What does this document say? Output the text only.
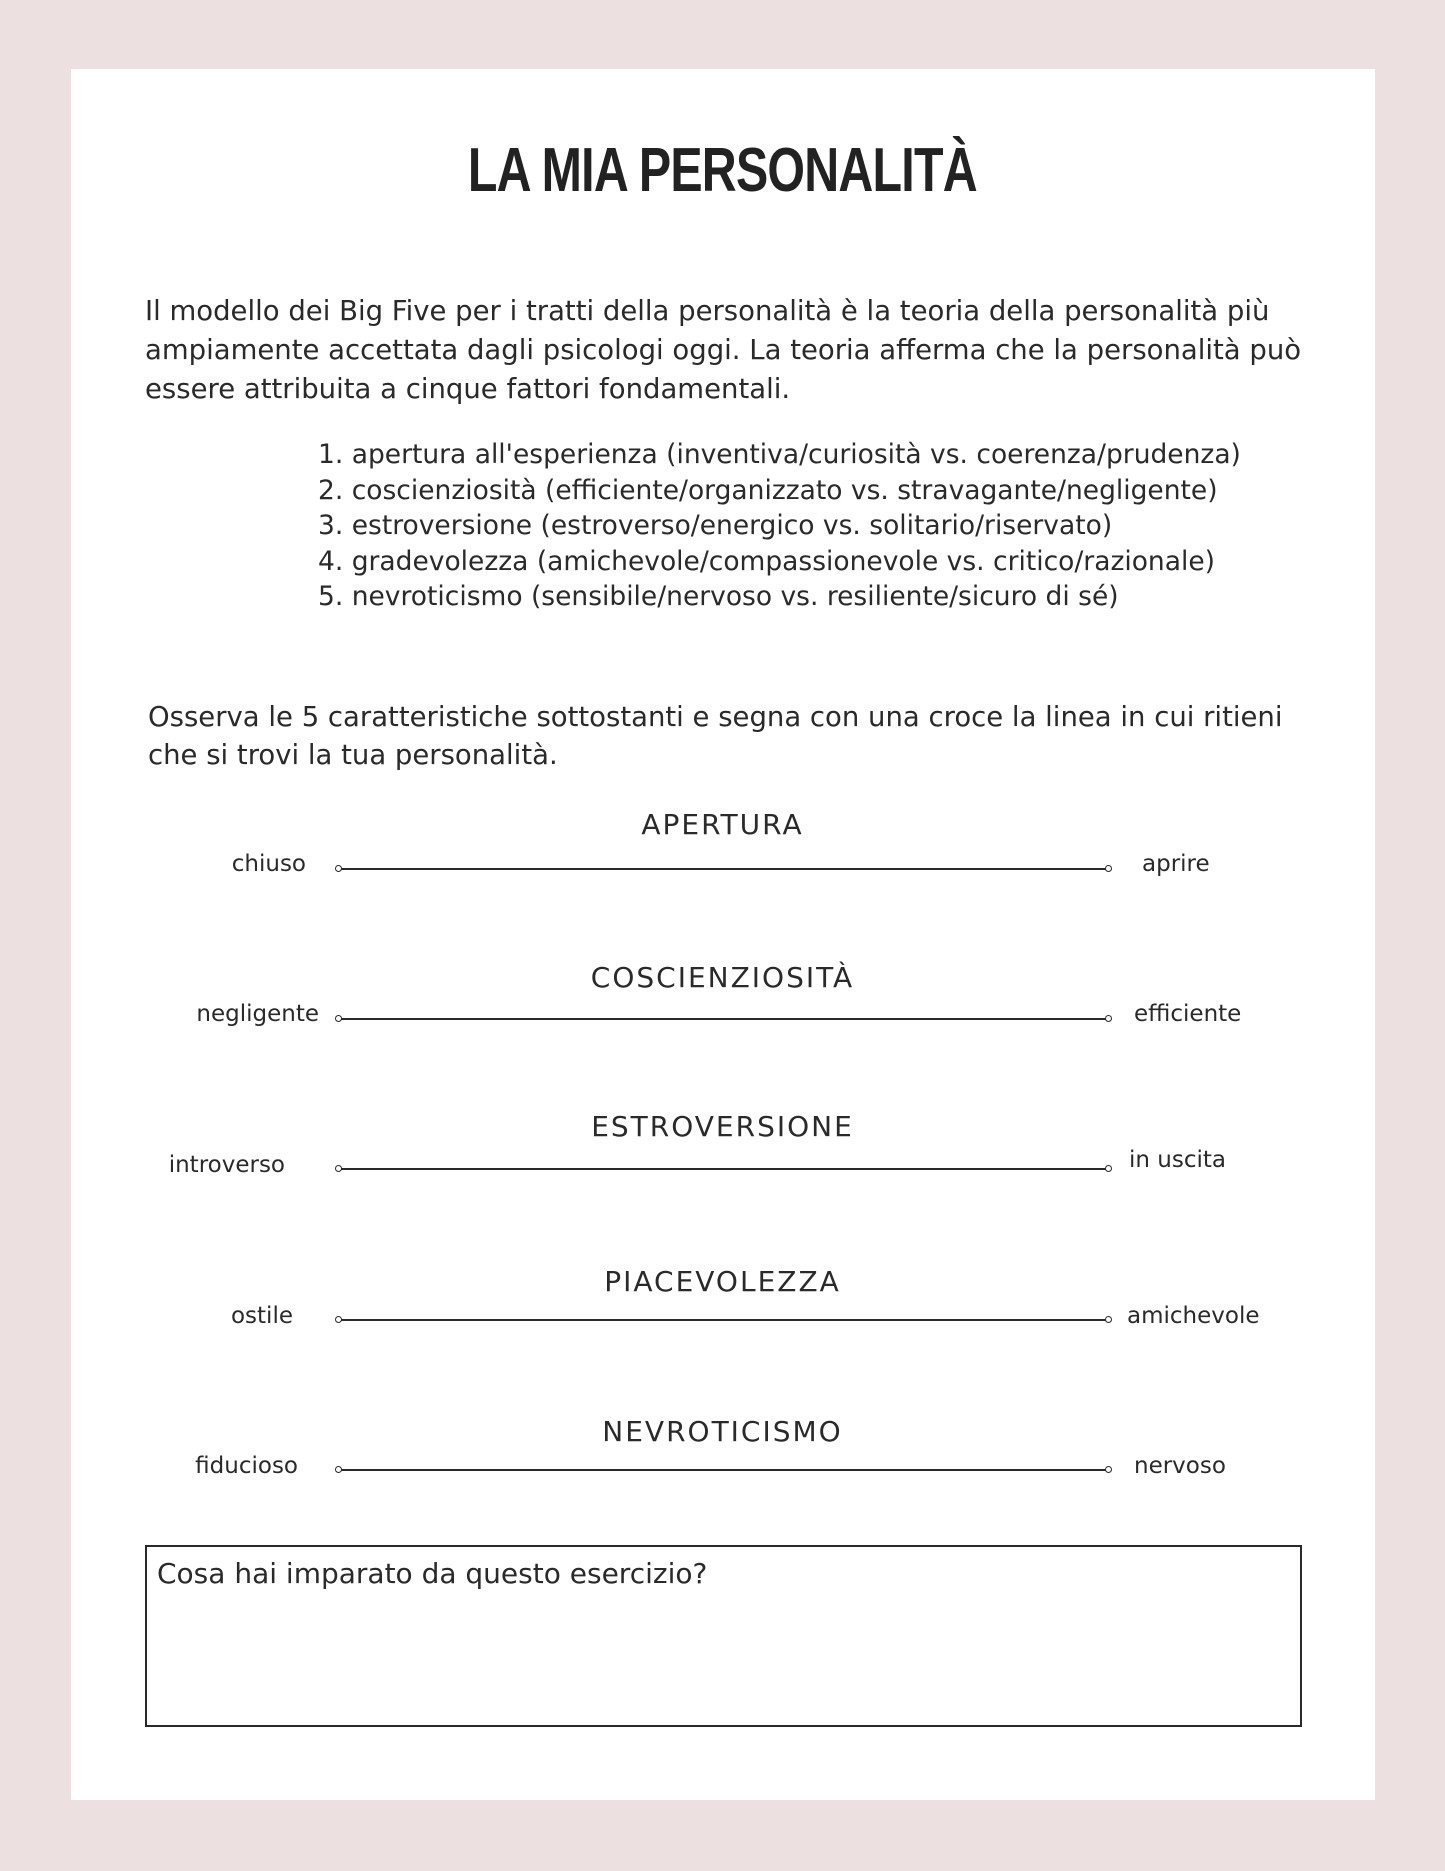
LA MIA PERSONALITÀ
Il modello dei Big Five per i tratti della personalità è la teoria della personalità più ampiamente accettata dagli psicologi oggi. La teoria afferma che la personalità può essere attribuita a cinque fattori fondamentali.
1. apertura all'esperienza (inventiva/curiosità vs. coerenza/prudenza)
2. coscienziosità (efficiente/organizzato vs. stravagante/negligente)
3. estroversione (estroverso/energico vs. solitario/riservato)
4. gradevolezza (amichevole/compassionevole vs. critico/razionale)
5. nevroticismo (sensibile/nervoso vs. resiliente/sicuro di sé)
Osserva le 5 caratteristiche sottostanti e segna con una croce la linea in cui ritieni che si trovi la tua personalità.
APERTURA
chiuso	aprire
COSCIENZIOSITÀ
negligente	efficiente
ESTROVERSIONE
introverso	in uscita
PIACEVOLEZZA
ostile	amichevole
NEVROTICISMO
fiducioso	nervoso
Cosa hai imparato da questo esercizio?
